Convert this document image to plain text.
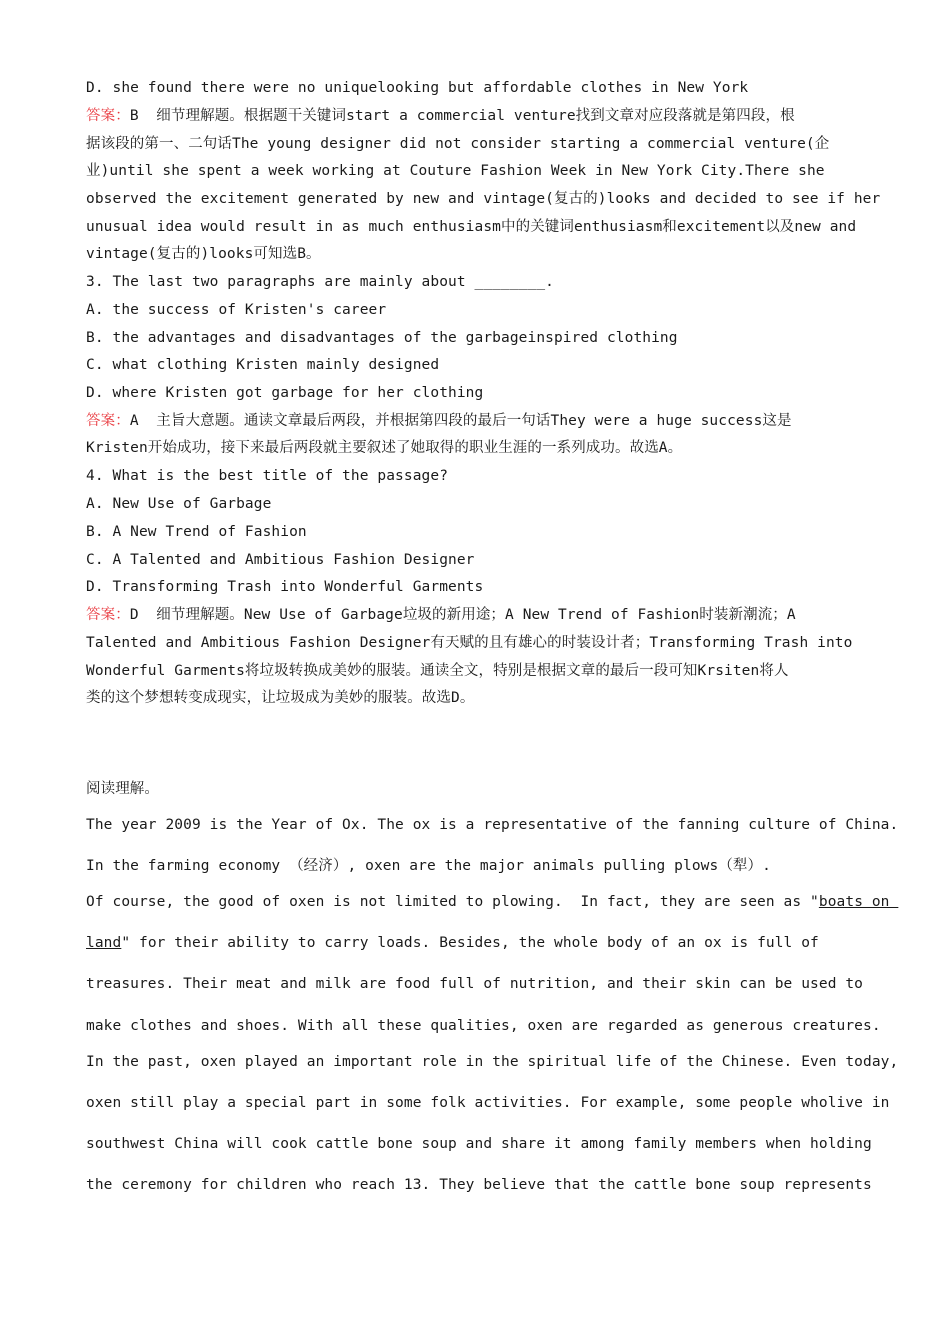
D. she found there were no uniquelooking but affordable clothes in New York
答案：B  细节理解题。根据题干关键词start a commercial venture找到文章对应段落就是第四段，根
据该段的第一、二句话The young designer did not consider starting a commercial venture(企
业)until she spent a week working at Couture Fashion Week in New York City.There she
observed the excitement generated by new and vintage(复古的)looks and decided to see if her
unusual idea would result in as much enthusiasm中的关键词enthusiasm和excitement以及new and
vintage(复古的)looks可知选B。
3. The last two paragraphs are mainly about ________.
A. the success of Kristen's career
B. the advantages and disadvantages of the garbageinspired clothing
C. what clothing Kristen mainly designed
D. where Kristen got garbage for her clothing
答案：A  主旨大意题。通读文章最后两段，并根据第四段的最后一句话They were a huge success这是
Kristen开始成功，接下来最后两段就主要叙述了她取得的职业生涯的一系列成功。故选A。
4. What is the best title of the passage?
A. New Use of Garbage
B. A New Trend of Fashion
C. A Talented and Ambitious Fashion Designer
D. Transforming Trash into Wonderful Garments
答案：D  细节理解题。New Use of Garbage垃圾的新用途；A New Trend of Fashion时装新潮流；A
Talented and Ambitious Fashion Designer有天赋的且有雄心的时装设计者；Transforming Trash into
Wonderful Garments将垃圾转换成美妙的服装。通读全文，特别是根据文章的最后一段可知Krsiten将人
类的这个梦想转变成现实，让垃圾成为美妙的服装。故选D。
阅读理解。
The year 2009 is the Year of Ox. The ox is a representative of the fanning culture of China.
In the farming economy （经济）, oxen are the major animals pulling plows（犁）.
Of course, the good of oxen is not limited to plowing.  In fact, they are seen as "boats on
land" for their ability to carry loads. Besides, the whole body of an ox is full of
treasures. Their meat and milk are food full of nutrition, and their skin can be used to
make clothes and shoes. With all these qualities, oxen are regarded as generous creatures.
In the past, oxen played an important role in the spiritual life of the Chinese. Even today,
oxen still play a special part in some folk activities. For example, some people wholive in
southwest China will cook cattle bone soup and share it among family members when holding
the ceremony for children who reach 13. They believe that the cattle bone soup represents
